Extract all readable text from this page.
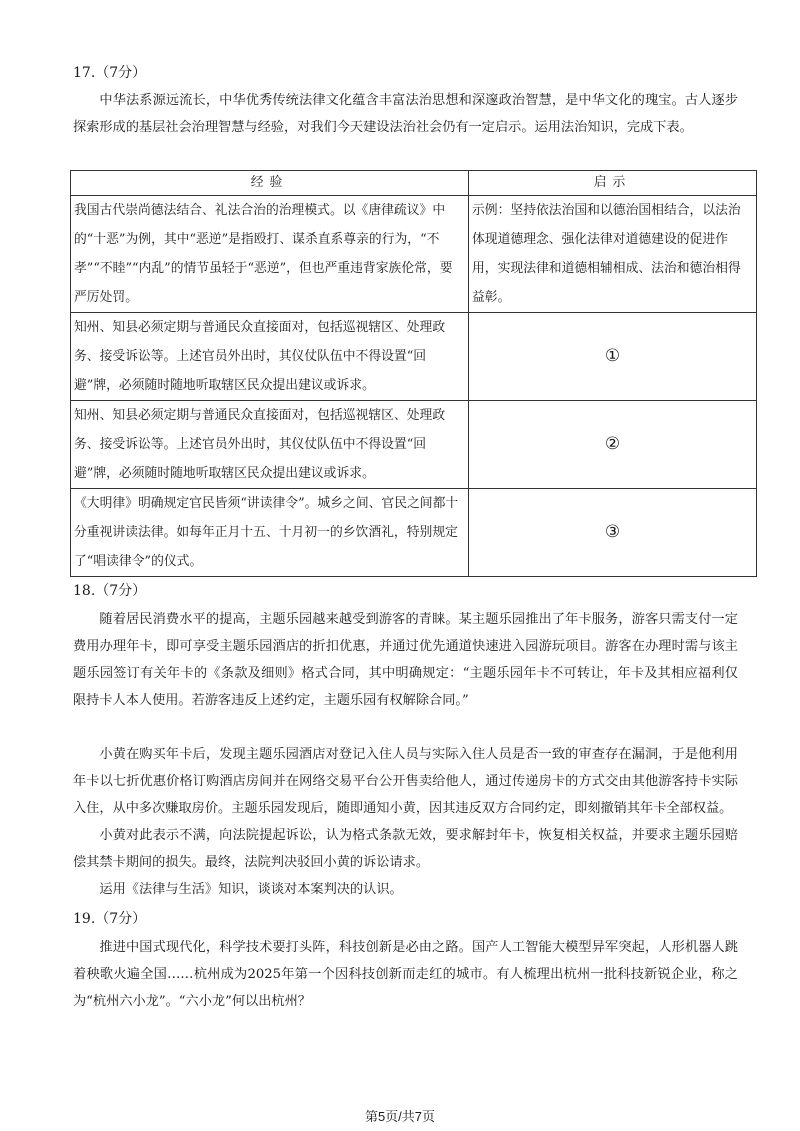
17.（7分）

中华法系源远流长，中华优秀传统法律文化蕴含丰富法治思想和深邃政治智慧，是中华文化的瑰宝。古人逐步探索形成的基层社会治理智慧与经验，对我们今天建设法治社会仍有一定启示。运用法治知识，完成下表。

经验	启示
我国古代崇尚德法结合、礼法合治的治理模式。以《唐律疏议》中的“十恶”为例，其中“恶逆”是指殴打、谋杀直系尊亲的行为，“不孝”“不睦”“内乱”的情节虽轻于“恶逆”，但也严重违背家族伦常，要严厉处罚。	示例：坚持依法治国和以德治国相结合，以法治体现道德理念、强化法律对道德建设的促进作用，实现法律和道德相辅相成、法治和德治相得益彰。
知州、知县必须定期与普通民众直接面对，包括巡视辖区、处理政务、接受诉讼等。上述官员外出时，其仪仗队伍中不得设置“回避”牌，必须随时随地听取辖区民众提出建议或诉求。	①
知州、知县必须定期与普通民众直接面对，包括巡视辖区、处理政务、接受诉讼等。上述官员外出时，其仪仗队伍中不得设置“回避”牌，必须随时随地听取辖区民众提出建议或诉求。	②
《大明律》明确规定官民皆须“讲读律令”。城乡之间、官民之间都十分重视讲读法律。如每年正月十五、十月初一的乡饮酒礼，特别规定了“唱读律令”的仪式。	③
18.（7分）

随着居民消费水平的提高，主题乐园越来越受到游客的青睐。某主题乐园推出了年卡服务，游客只需支付一定费用办理年卡，即可享受主题乐园酒店的折扣优惠，并通过优先通道快速进入园游玩项目。游客在办理时需与该主题乐园签订有关年卡的《条款及细则》格式合同，其中明确规定：“主题乐园年卡不可转让，年卡及其相应福利仅限持卡人本人使用。若游客违反上述约定，主题乐园有权解除合同。”

小黄在购买年卡后，发现主题乐园酒店对登记入住人员与实际入住人员是否一致的审查存在漏洞，于是他利用年卡以七折优惠价格订购酒店房间并在网络交易平台公开售卖给他人，通过传递房卡的方式交由其他游客持卡实际入住，从中多次赚取房价。主题乐园发现后，随即通知小黄，因其违反双方合同约定，即刻撤销其年卡全部权益。

小黄对此表示不满，向法院提起诉讼，认为格式条款无效，要求解封年卡，恢复相关权益，并要求主题乐园赔偿其禁卡期间的损失。最终，法院判决驳回小黄的诉讼请求。

运用《法律与生活》知识，谈谈对本案判决的认识。

19.（7分）

推进中国式现代化，科学技术要打头阵，科技创新是必由之路。国产人工智能大模型异军突起，人形机器人跳着秧歌火遍全国……杭州成为2025年第一个因科技创新而走红的城市。有人梳理出杭州一批科技新锐企业，称之为“杭州六小龙”。“六小龙”何以出杭州？

第5页/共7页
